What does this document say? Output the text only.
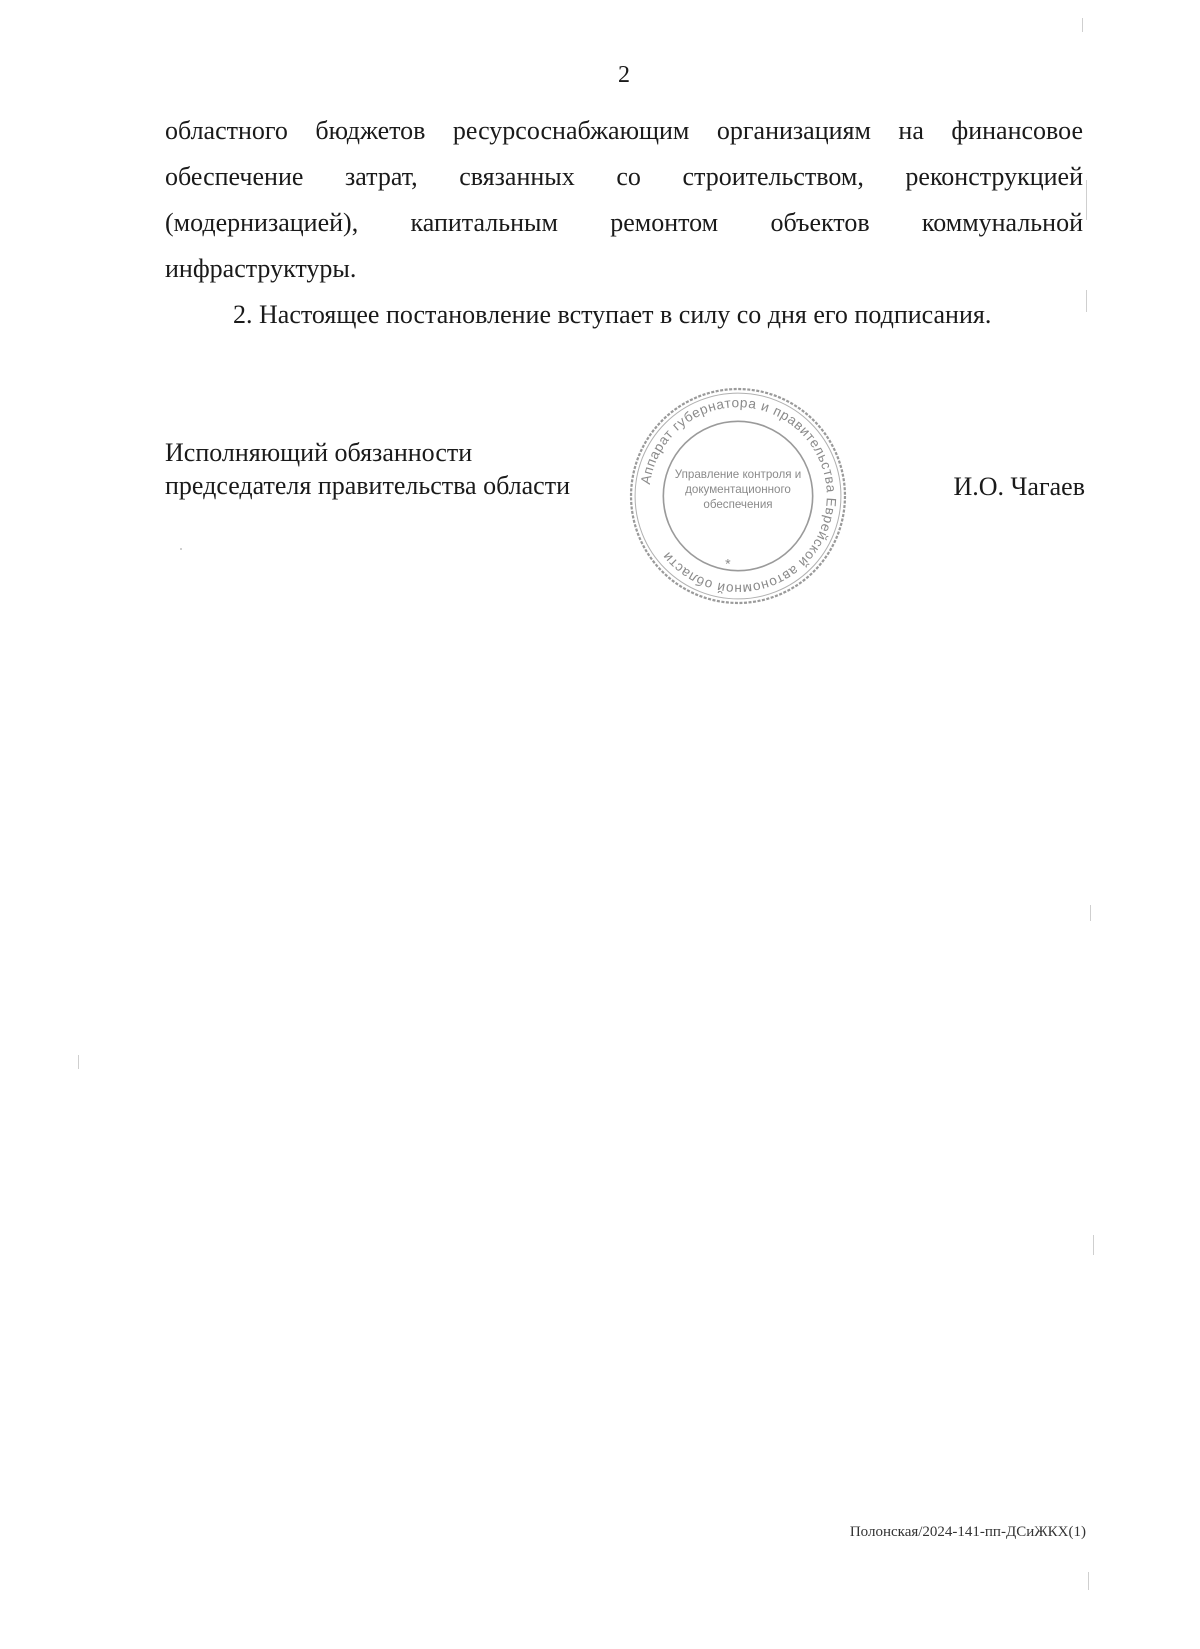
2

областного бюджетов ресурсоснабжающим организациям на финансовое обеспечение затрат, связанных со строительством, реконструкцией (модернизацией), капитальным ремонтом объектов коммунальной инфраструктуры.

2. Настоящее постановление вступает в силу со дня его подписания.

Исполняющий обязанности
председателя правительства области	Аппарат губернатора и правительства Еврейской автономной области
Управление контроля и
документационного
обеспечения
*
И.О. Чагаев
Полонская/2024-141-пп-ДСиЖКХ(1)
